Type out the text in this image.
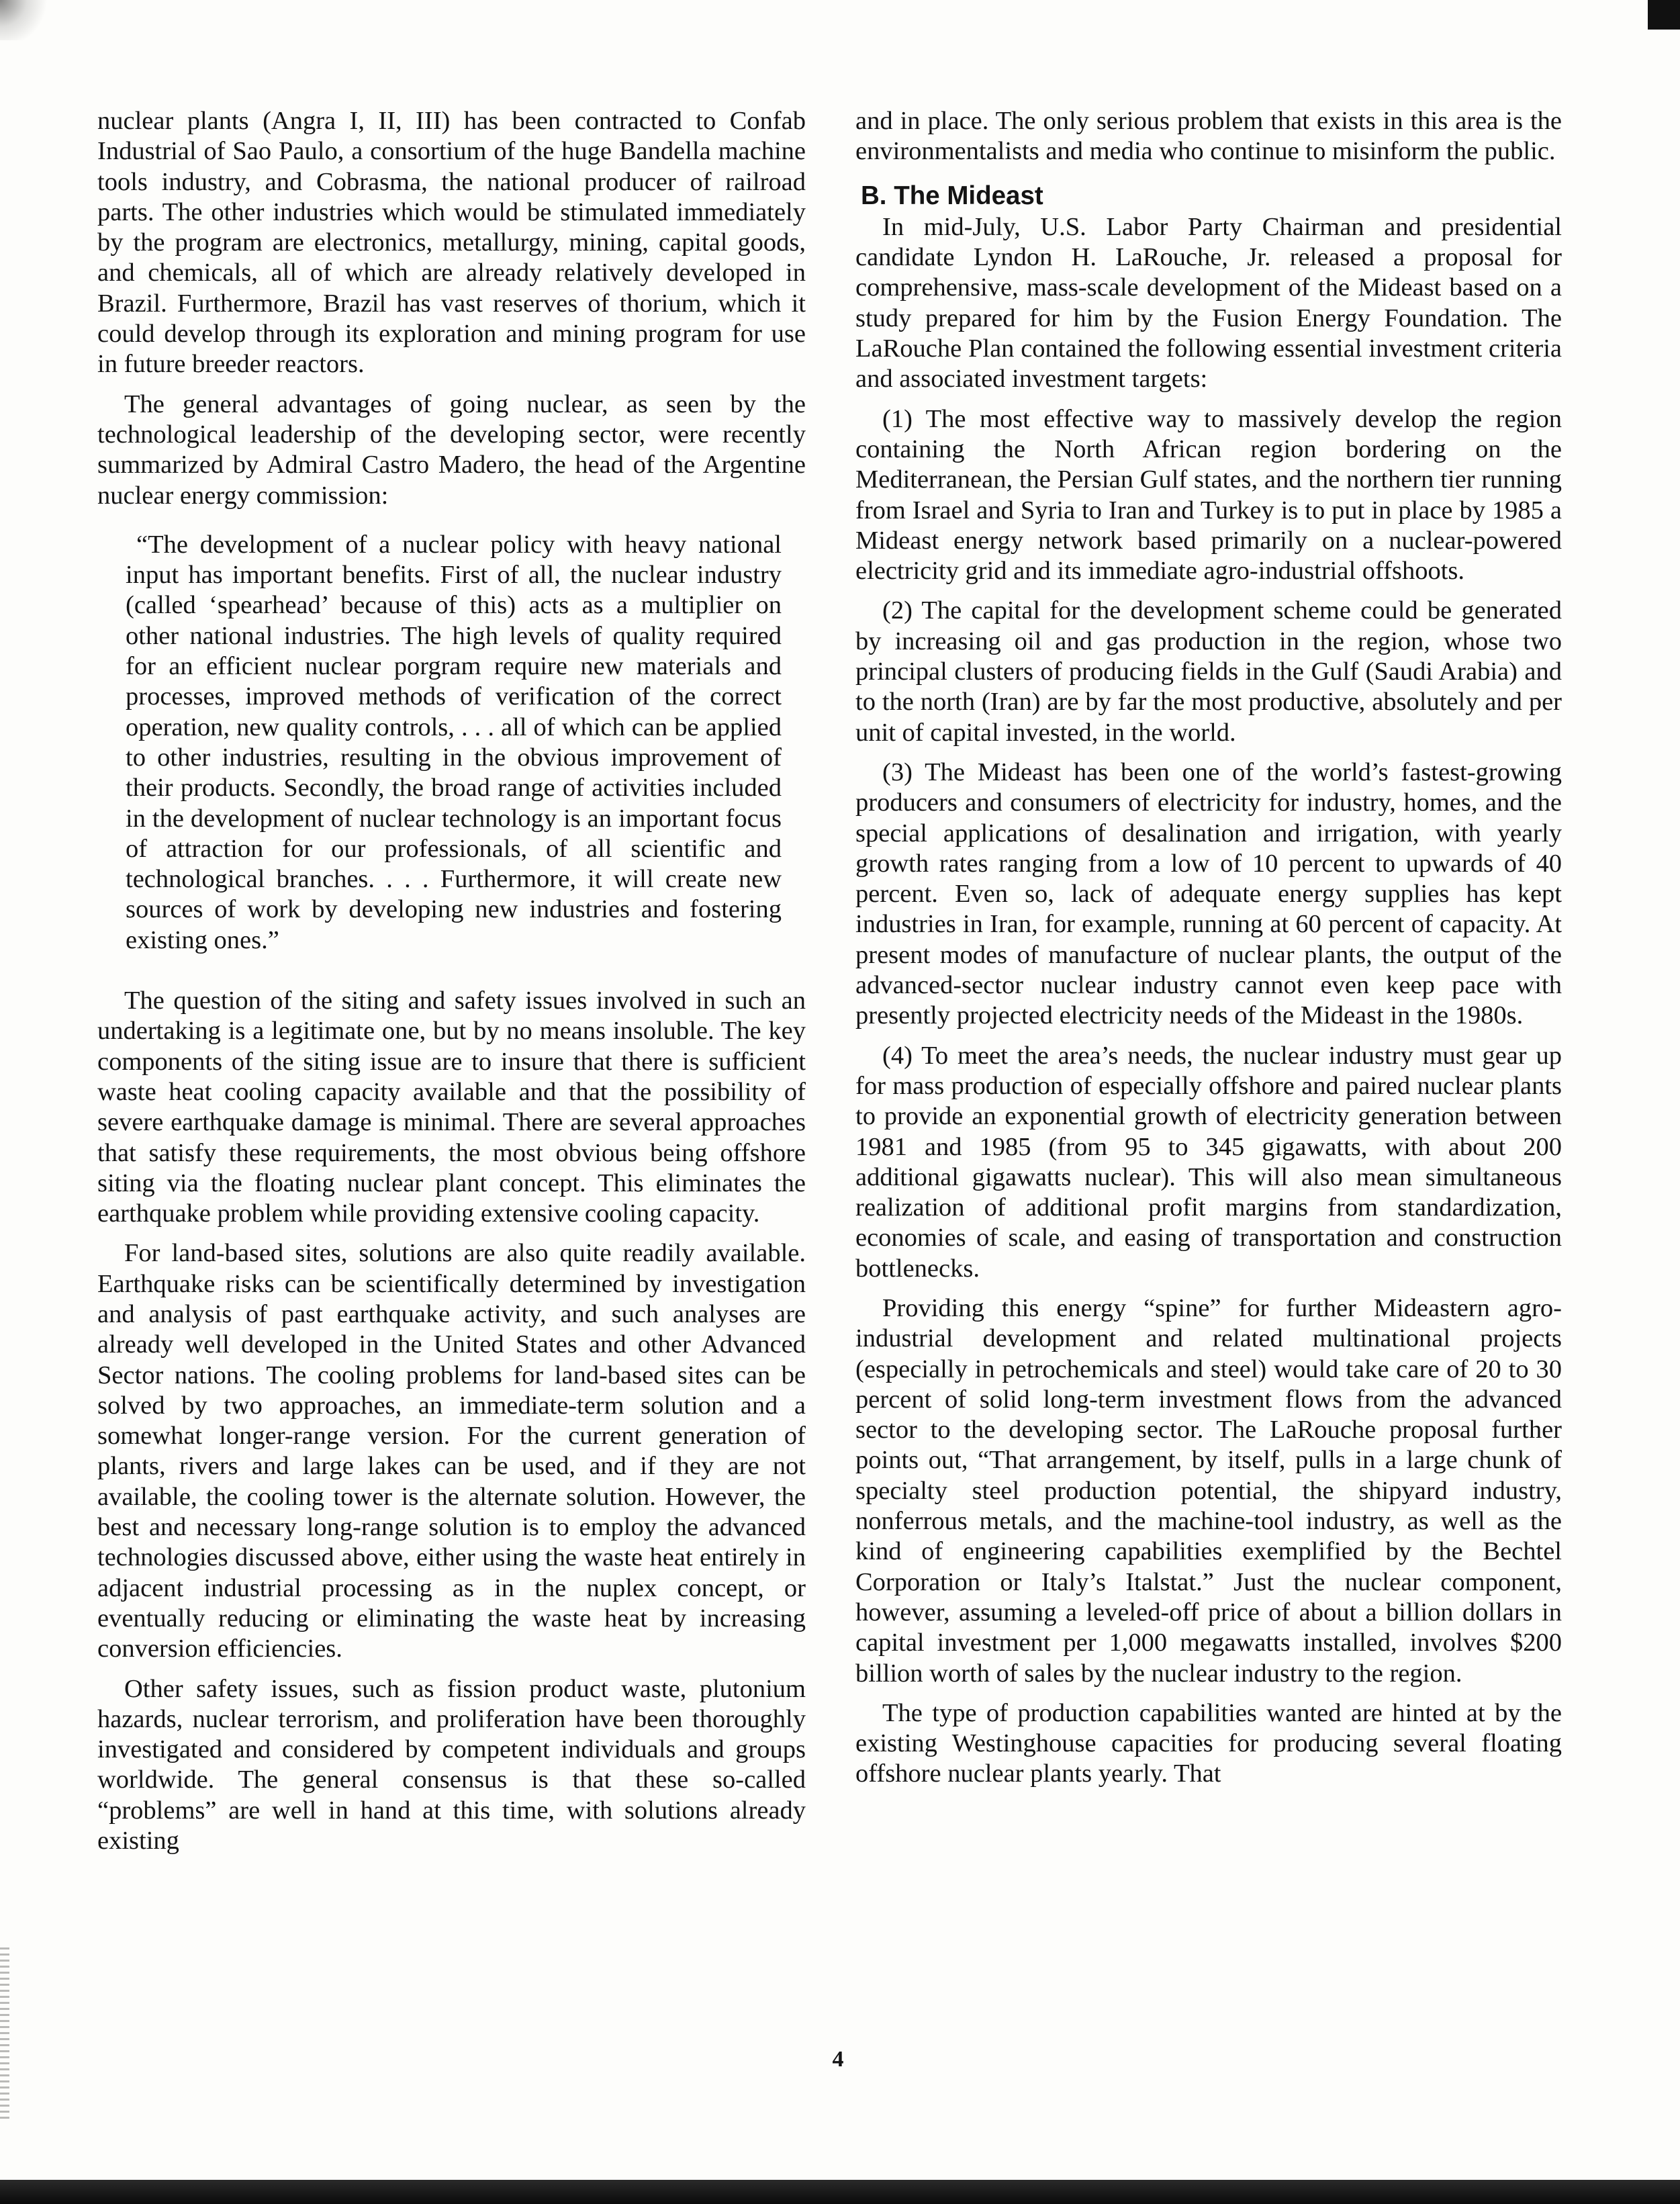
nuclear plants (Angra I, II, III) has been contracted to Confab Industrial of Sao Paulo, a consortium of the huge Bandella machine tools industry, and Cobrasma, the national producer of railroad parts. The other industries which would be stimulated immediately by the program are electronics, metallurgy, mining, capital goods, and chemicals, all of which are already relatively developed in Brazil. Furthermore, Brazil has vast reserves of thorium, which it could develop through its exploration and mining program for use in future breeder reactors.

The general advantages of going nuclear, as seen by the technological leadership of the developing sector, were recently summarized by Admiral Castro Madero, the head of the Argentine nuclear energy commission:

“The development of a nuclear policy with heavy national input has important benefits. First of all, the nuclear industry (called ‘spearhead’ because of this) acts as a multiplier on other national industries. The high levels of quality required for an efficient nuclear porgram require new materials and processes, improved methods of verification of the correct operation, new quality controls, . . . all of which can be applied to other industries, resulting in the obvious improvement of their products. Secondly, the broad range of activities included in the development of nuclear technology is an important focus of attraction for our professionals, of all scientific and technological branches. . . . Furthermore, it will create new sources of work by developing new industries and fostering existing ones.”

The question of the siting and safety issues involved in such an undertaking is a legitimate one, but by no means insoluble. The key components of the siting issue are to insure that there is sufficient waste heat cooling capacity available and that the possibility of severe earthquake damage is minimal. There are several approaches that satisfy these requirements, the most obvious being offshore siting via the floating nuclear plant concept. This eliminates the earthquake problem while providing extensive cooling capacity.

For land-based sites, solutions are also quite readily available. Earthquake risks can be scientifically determined by investigation and analysis of past earthquake activity, and such analyses are already well developed in the United States and other Advanced Sector nations. The cooling problems for land-based sites can be solved by two approaches, an immediate-term solution and a somewhat longer-range version. For the current generation of plants, rivers and large lakes can be used, and if they are not available, the cooling tower is the alternate solution. However, the best and necessary long-range solution is to employ the advanced technologies discussed above, either using the waste heat entirely in adjacent industrial processing as in the nuplex concept, or eventually reducing or eliminating the waste heat by increasing conversion efficiencies.

Other safety issues, such as fission product waste, plutonium hazards, nuclear terrorism, and proliferation have been thoroughly investigated and considered by competent individuals and groups worldwide. The general consensus is that these so-called “problems” are well in hand at this time, with solutions already existing

and in place. The only serious problem that exists in this area is the environmentalists and media who continue to misinform the public.

B. The Mideast

In mid-July, U.S. Labor Party Chairman and presidential candidate Lyndon H. LaRouche, Jr. released a proposal for comprehensive, mass-scale development of the Mideast based on a study prepared for him by the Fusion Energy Foundation. The LaRouche Plan contained the following essential investment criteria and associated investment targets:

(1) The most effective way to massively develop the region containing the North African region bordering on the Mediterranean, the Persian Gulf states, and the northern tier running from Israel and Syria to Iran and Turkey is to put in place by 1985 a Mideast energy network based primarily on a nuclear-powered electricity grid and its immediate agro-industrial offshoots.

(2) The capital for the development scheme could be generated by increasing oil and gas production in the region, whose two principal clusters of producing fields in the Gulf (Saudi Arabia) and to the north (Iran) are by far the most productive, absolutely and per unit of capital invested, in the world.

(3) The Mideast has been one of the world’s fastest-growing producers and consumers of electricity for industry, homes, and the special applications of desalination and irrigation, with yearly growth rates ranging from a low of 10 percent to upwards of 40 percent. Even so, lack of adequate energy supplies has kept industries in Iran, for example, running at 60 percent of capacity. At present modes of manufacture of nuclear plants, the output of the advanced-sector nuclear industry cannot even keep pace with presently projected electricity needs of the Mideast in the 1980s.

(4) To meet the area’s needs, the nuclear industry must gear up for mass production of especially offshore and paired nuclear plants to provide an exponential growth of electricity generation between 1981 and 1985 (from 95 to 345 gigawatts, with about 200 additional gigawatts nuclear). This will also mean simultaneous realization of additional profit margins from standardization, economies of scale, and easing of transportation and construction bottlenecks.

Providing this energy “spine” for further Mideastern agro-industrial development and related multinational projects (especially in petrochemicals and steel) would take care of 20 to 30 percent of solid long-term investment flows from the advanced sector to the developing sector. The LaRouche proposal further points out, “That arrangement, by itself, pulls in a large chunk of specialty steel production potential, the shipyard industry, nonferrous metals, and the machine-tool industry, as well as the kind of engineering capabilities exemplified by the Bechtel Corporation or Italy’s Italstat.” Just the nuclear component, however, assuming a leveled-off price of about a billion dollars in capital investment per 1,000 megawatts installed, involves $200 billion worth of sales by the nuclear industry to the region.

The type of production capabilities wanted are hinted at by the existing Westinghouse capacities for producing several floating offshore nuclear plants yearly. That

4
